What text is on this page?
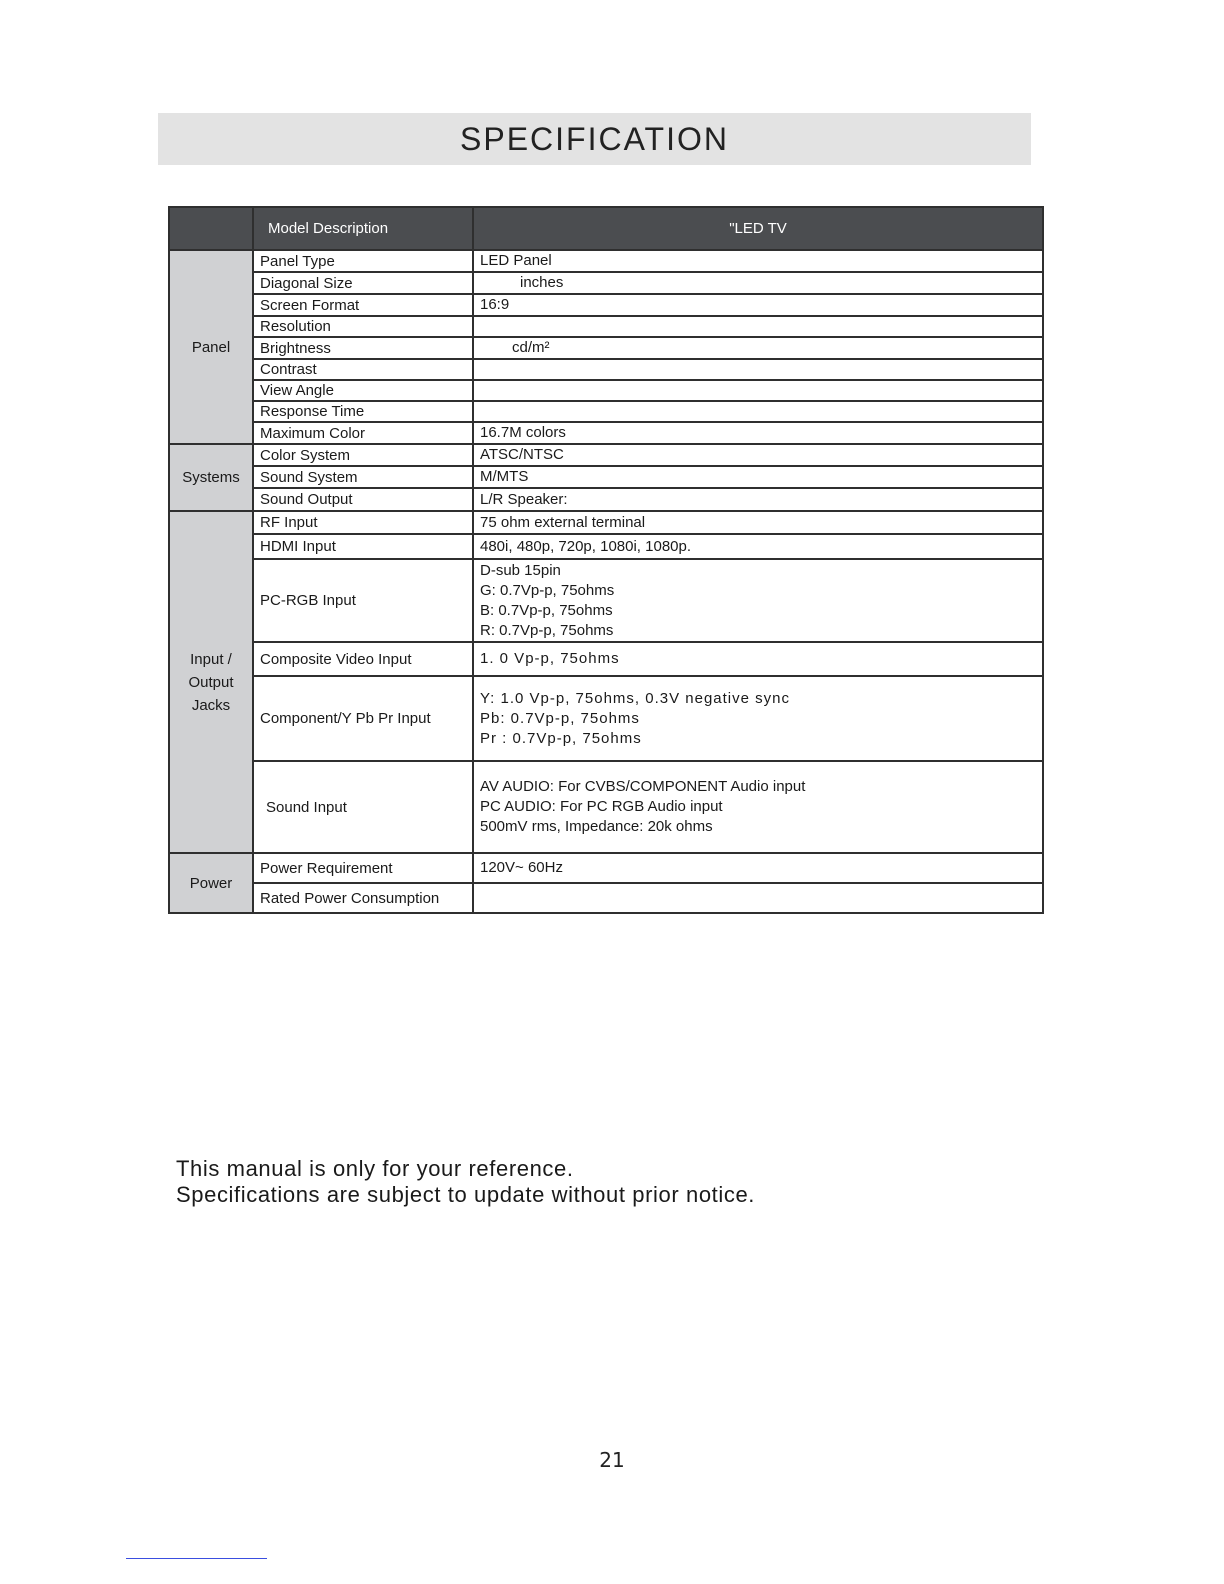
SPECIFICATION
	Model Description	"LED TV
Panel	Panel Type	LED Panel
	Diagonal Size	inches
	Screen Format	16:9
	Resolution	
	Brightness	cd/m²
	Contrast	
	View Angle	
	Response Time	
	Maximum Color	16.7M colors
Systems	Color System	ATSC/NTSC
	Sound System	M/MTS
	Sound Output	L/R Speaker:

Input /
Output
Jacks	RF Input	75 ohm external terminal
	HDMI Input	480i, 480p, 720p, 1080i, 1080p.
	PC-RGB Input	D-sub 15pin
G: 0.7Vp-p, 75ohms
B: 0.7Vp-p, 75ohms
R: 0.7Vp-p, 75ohms

	Composite Video Input	1. 0 Vp-p, 75ohms
	Component/Y Pb Pr Input	Y: 1.0 Vp-p, 75ohms, 0.3V negative sync
Pb: 0.7Vp-p, 75ohms
Pr : 0.7Vp-p, 75ohms

	Sound Input	AV AUDIO: For CVBS/COMPONENT Audio input
PC AUDIO: For PC RGB Audio input
500mV rms, Impedance: 20k ohms

Power	Power Requirement	120V~ 60Hz
	Rated Power Consumption	

This manual is only for your reference.

Specifications are subject to update without prior notice.

21
